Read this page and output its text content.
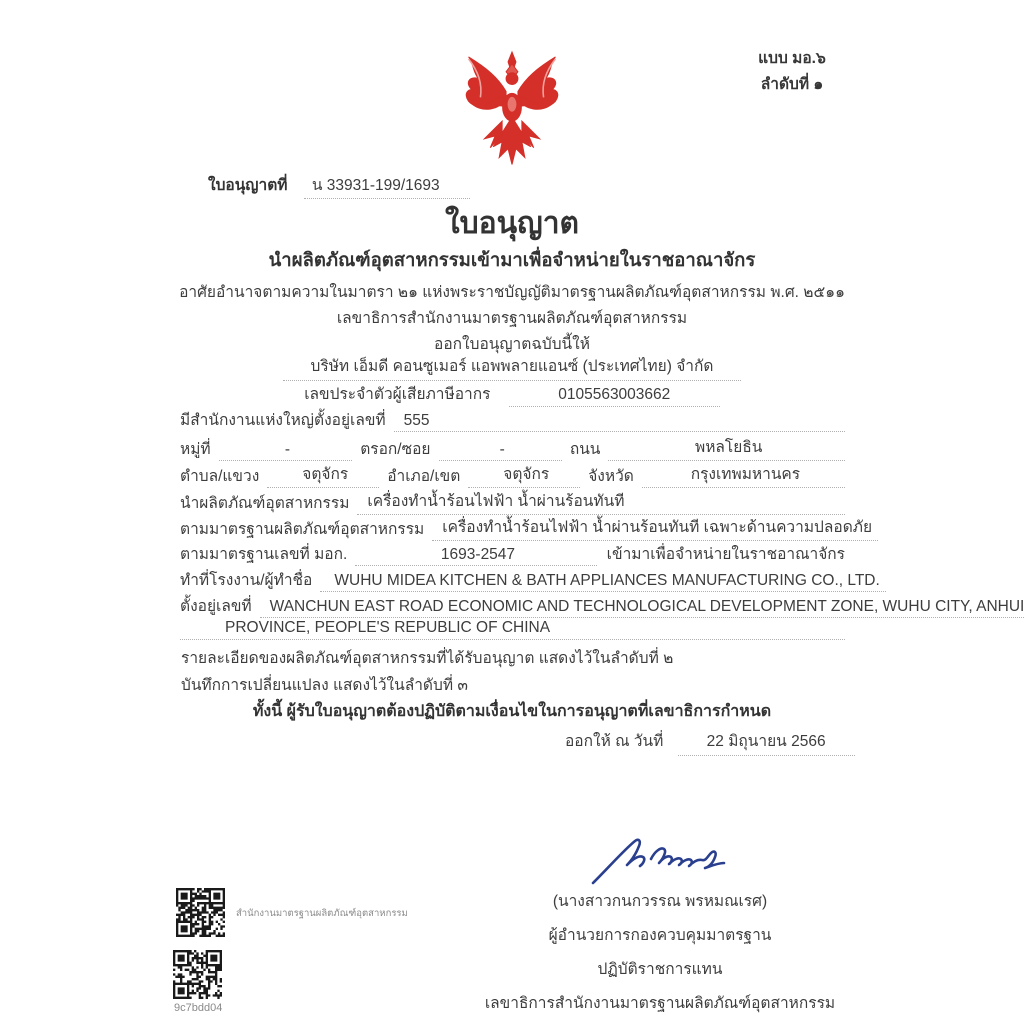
แบบ มอ.๖
ลำดับที่ ๑
ใบอนุญาตที่ น 33931-199/1693
ใบอนุญาต
นำผลิตภัณฑ์อุตสาหกรรมเข้ามาเพื่อจำหน่ายในราชอาณาจักร
อาศัยอำนาจตามความในมาตรา ๒๑ แห่งพระราชบัญญัติมาตรฐานผลิตภัณฑ์อุตสาหกรรม พ.ศ. ๒๕๑๑
เลขาธิการสำนักงานมาตรฐานผลิตภัณฑ์อุตสาหกรรม
ออกใบอนุญาตฉบับนี้ให้
บริษัท เอ็มดี คอนซูเมอร์ แอพพลายแอนซ์ (ประเทศไทย) จำกัด
เลขประจำตัวผู้เสียภาษีอากร	0105563003662
มีสำนักงานแห่งใหญ่ตั้งอยู่เลขที่	555
หมู่ที่	-	ตรอก/ซอย	-	ถนน	พหลโยธิน
ตำบล/แขวง	จตุจักร	อำเภอ/เขต	จตุจักร	จังหวัด	กรุงเทพมหานคร
นำผลิตภัณฑ์อุตสาหกรรม	เครื่องทำน้ำร้อนไฟฟ้า น้ำผ่านร้อนทันที
ตามมาตรฐานผลิตภัณฑ์อุตสาหกรรม	เครื่องทำน้ำร้อนไฟฟ้า น้ำผ่านร้อนทันที เฉพาะด้านความปลอดภัย
ตามมาตรฐานเลขที่ มอก.	1693-2547	เข้ามาเพื่อจำหน่ายในราชอาณาจักร
ทำที่โรงงาน/ผู้ทำชื่อ	WUHU MIDEA KITCHEN & BATH APPLIANCES MANUFACTURING CO., LTD.
ตั้งอยู่เลขที่	WANCHUN EAST ROAD ECONOMIC AND TECHNOLOGICAL DEVELOPMENT ZONE, WUHU CITY, ANHUI
PROVINCE, PEOPLE'S REPUBLIC OF CHINA
รายละเอียดของผลิตภัณฑ์อุตสาหกรรมที่ได้รับอนุญาต แสดงไว้ในลำดับที่ ๒
บันทึกการเปลี่ยนแปลง แสดงไว้ในลำดับที่ ๓
ทั้งนี้ ผู้รับใบอนุญาตต้องปฏิบัติตามเงื่อนไขในการอนุญาตที่เลขาธิการกำหนด
ออกให้ ณ วันที่	22 มิถุนายน 2566
(นางสาวกนกวรรณ พรหมณเรศ)
ผู้อำนวยการกองควบคุมมาตรฐาน
ปฏิบัติราชการแทน
เลขาธิการสำนักงานมาตรฐานผลิตภัณฑ์อุตสาหกรรม
สำนักงานมาตรฐานผลิตภัณฑ์อุตสาหกรรม
9c7bdd04
